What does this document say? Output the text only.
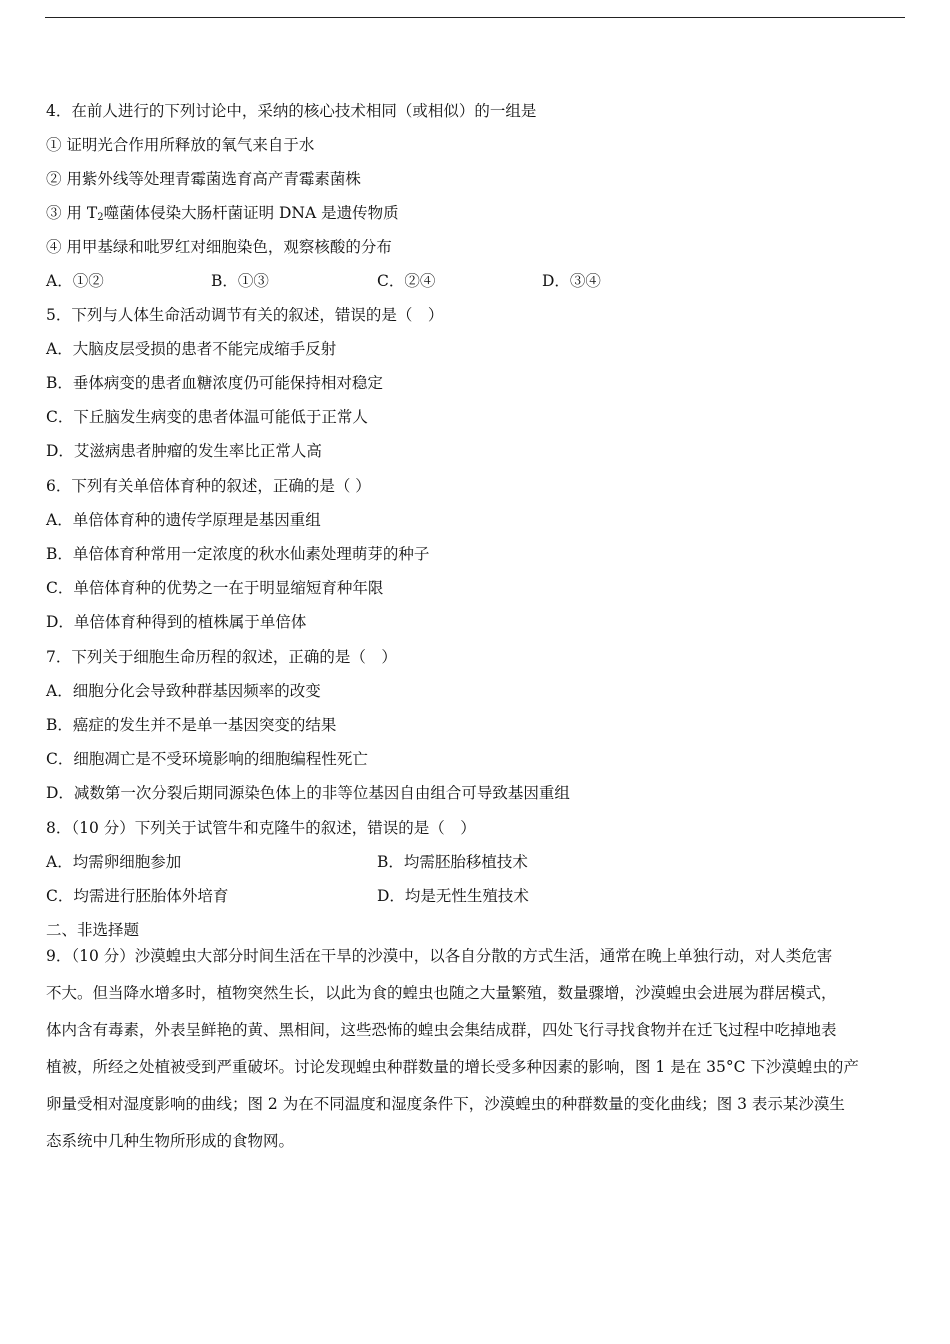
4．在前人进行的下列讨论中，采纳的核心技术相同（或相似）的一组是
① 证明光合作用所释放的氧气来自于水
② 用紫外线等处理青霉菌选育高产青霉素菌株
③ 用 $T_2$噬菌体侵染大肠杆菌证明 DNA 是遗传物质
④ 用甲基绿和吡罗红对细胞染色，观察核酸的分布
A．①②	B．①③	C．②④	D．③④
5．下列与人体生命活动调节有关的叙述，错误的是（　）
A．大脑皮层受损的患者不能完成缩手反射
B．垂体病变的患者血糖浓度仍可能保持相对稳定
C．下丘脑发生病变的患者体温可能低于正常人
D．艾滋病患者肿瘤的发生率比正常人高
6．下列有关单倍体育种的叙述，正确的是（ ）
A．单倍体育种的遗传学原理是基因重组
B．单倍体育种常用一定浓度的秋水仙素处理萌芽的种子
C．单倍体育种的优势之一在于明显缩短育种年限
D．单倍体育种得到的植株属于单倍体
7．下列关于细胞生命历程的叙述，正确的是（　）
A．细胞分化会导致种群基因频率的改变
B．癌症的发生并不是单一基因突变的结果
C．细胞凋亡是不受环境影响的细胞编程性死亡
D．减数第一次分裂后期同源染色体上的非等位基因自由组合可导致基因重组
8．（10 分）下列关于试管牛和克隆牛的叙述，错误的是（　）
A．均需卵细胞参加	B．均需胚胎移植技术
C．均需进行胚胎体外培育	D．均是无性生殖技术
二、非选择题
9．（10 分）沙漠蝗虫大部分时间生活在干旱的沙漠中，以各自分散的方式生活，通常在晚上单独行动，对人类危害
不大。但当降水增多时，植物突然生长，以此为食的蝗虫也随之大量繁殖，数量骤增，沙漠蝗虫会进展为群居模式，
体内含有毒素，外表呈鲜艳的黄、黑相间，这些恐怖的蝗虫会集结成群，四处飞行寻找食物并在迁飞过程中吃掉地表
植被，所经之处植被受到严重破坏。讨论发现蝗虫种群数量的增长受多种因素的影响，图 1 是在 35°C 下沙漠蝗虫的产
卵量受相对湿度影响的曲线；图 2 为在不同温度和湿度条件下，沙漠蝗虫的种群数量的变化曲线；图 3 表示某沙漠生
态系统中几种生物所形成的食物网。
